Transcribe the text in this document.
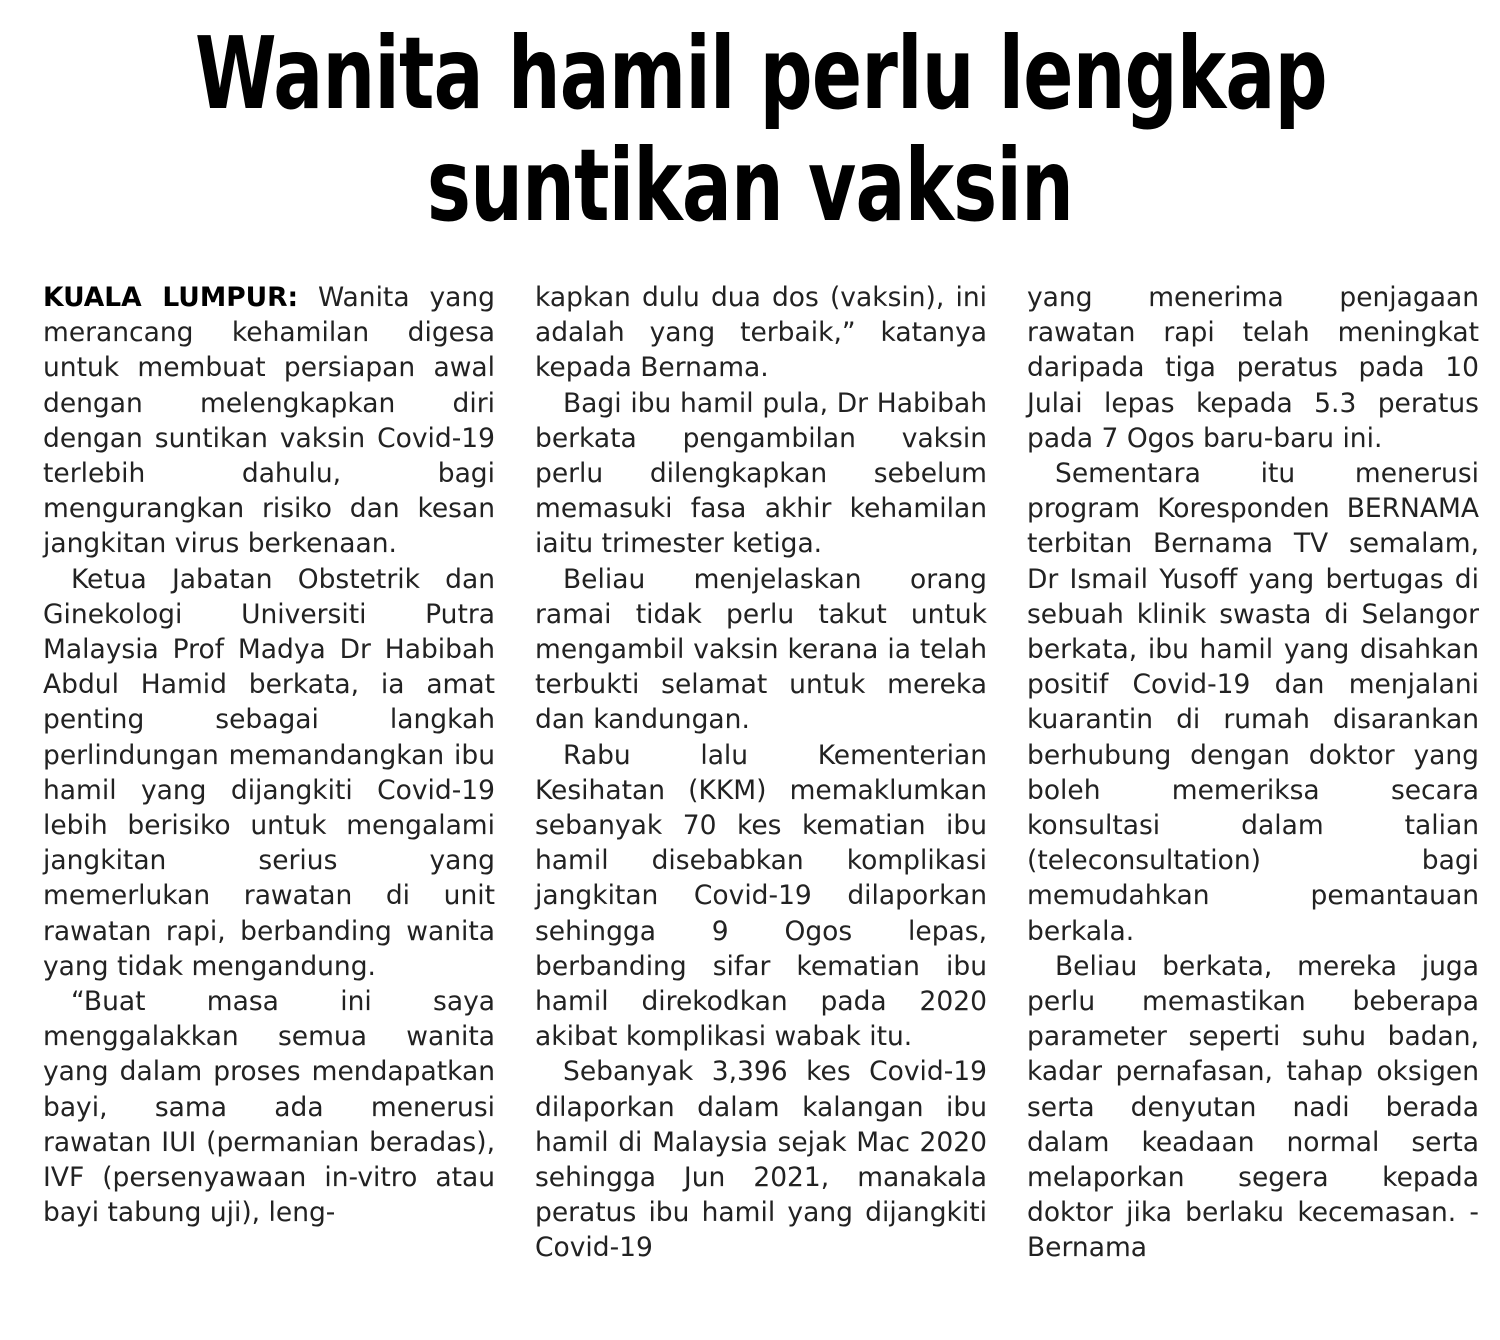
Wanita hamil perlu lengkap
suntikan vaksin

KUALA LUMPUR: Wanita yang merancang kehamilan digesa untuk membuat persiapan awal dengan melengkapkan diri dengan suntikan vaksin Covid-19 terlebih dahulu, bagi mengurangkan risiko dan kesan jangkitan virus berkenaan.

Ketua Jabatan Obstetrik dan Ginekologi Universiti Putra Malaysia Prof Madya Dr Habibah Abdul Hamid berkata, ia amat penting sebagai langkah perlindungan memandangkan ibu hamil yang dijangkiti Covid-19 lebih berisiko untuk mengalami jangkitan serius yang memerlukan rawatan di unit rawatan rapi, berbanding wanita yang tidak mengandung.

“Buat masa ini saya menggalakkan semua wanita yang dalam proses mendapatkan bayi, sama ada menerusi rawatan IUI (permanian beradas), IVF (persenyawaan in-vitro atau bayi tabung uji), leng-

kapkan dulu dua dos (vaksin), ini adalah yang terbaik,” katanya kepada Bernama.

Bagi ibu hamil pula, Dr Habibah berkata pengambilan vaksin perlu dilengkapkan sebelum memasuki fasa akhir kehamilan iaitu trimester ketiga.

Beliau menjelaskan orang ramai tidak perlu takut untuk mengambil vaksin kerana ia telah terbukti selamat untuk mereka dan kandungan.

Rabu lalu Kementerian Kesihatan (KKM) memaklumkan sebanyak 70 kes kematian ibu hamil disebabkan komplikasi jangkitan Covid-19 dilaporkan sehingga 9 Ogos lepas, berbanding sifar kematian ibu hamil direkodkan pada 2020 akibat komplikasi wabak itu.

Sebanyak 3,396 kes Covid-19 dilaporkan dalam kalangan ibu hamil di Malaysia sejak Mac 2020 sehingga Jun 2021, manakala peratus ibu hamil yang dijangkiti Covid-19

yang menerima penjagaan rawatan rapi telah meningkat daripada tiga peratus pada 10 Julai lepas kepada 5.3 peratus pada 7 Ogos baru-baru ini.

Sementara itu menerusi program Koresponden BERNAMA terbitan Bernama TV semalam, Dr Ismail Yusoff yang bertugas di sebuah klinik swasta di Selangor berkata, ibu hamil yang disahkan positif Covid-19 dan menjalani kuarantin di rumah disarankan berhubung dengan doktor yang boleh memeriksa secara konsultasi dalam talian (teleconsultation) bagi memudahkan pemantauan berkala.

Beliau berkata, mereka juga perlu memastikan beberapa parameter seperti suhu badan, kadar pernafasan, tahap oksigen serta denyutan nadi berada dalam keadaan normal serta melaporkan segera kepada doktor jika berlaku kecemasan. - Bernama
